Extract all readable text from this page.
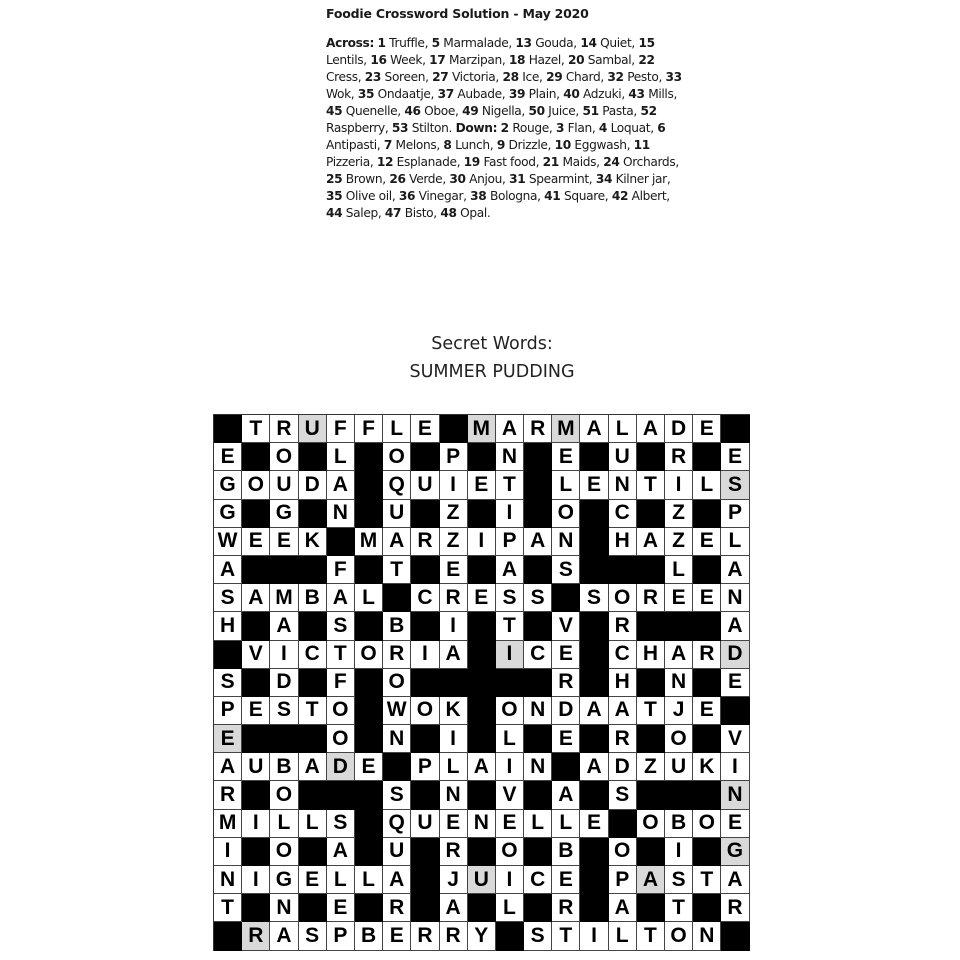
Foodie Crossword Solution - May 2020
Across: 1 Truffle, 5 Marmalade, 13 Gouda, 14 Quiet, 15 Lentils, 16 Week, 17 Marzipan, 18 Hazel, 20 Sambal, 22 Cress, 23 Soreen, 27 Victoria, 28 Ice, 29 Chard, 32 Pesto, 33 Wok, 35 Ondaatje, 37 Aubade, 39 Plain, 40 Adzuki, 43 Mills, 45 Quenelle, 46 Oboe, 49 Nigella, 50 Juice, 51 Pasta, 52 Raspberry, 53 Stilton. Down: 2 Rouge, 3 Flan, 4 Loquat, 6 Antipasti, 7 Melons, 8 Lunch, 9 Drizzle, 10 Eggwash, 11 Pizzeria, 12 Esplanade, 19 Fast food, 21 Maids, 24 Orchards, 25 Brown, 26 Verde, 30 Anjou, 31 Spearmint, 34 Kilner jar, 35 Olive oil, 36 Vinegar, 38 Bologna, 41 Square, 42 Albert, 44 Salep, 47 Bisto, 48 Opal.
Secret Words:
SUMMER PUDDING
T R U F F L E	M A R M A L A D E
E	O	L	O	P	N	E	U	R	E
G O U D A	Q U I E T	L E N T I L S
G	G	N	U	Z	I	O	C	Z	P
W E E K	M A R Z I P A N	H A Z E L
A	F	T	E	A	S	L	A
S A M B A L	C R E S S	S O R E E N
H	A	S	B	I	T	V	R	A
V I C T O R I A	I C E	C H A R D
S	D	F	O	R	H	N	E
P E S T O	W O K	O N D A A T J E
E	O	N	I	L	E	R	O	V
A U B A D E	P L A I N	A D Z U K I
R	O	S	N	V	A	S	N
M I L L S	Q U E N E L L E	O B O E
I	O	A	U	R	O	B	O	I	G
N I G E L L A	J U I C E	P A S T A
T	N	E	R	A	L	R	A	T	R
R A S P B E R R Y	S T I L T O N
